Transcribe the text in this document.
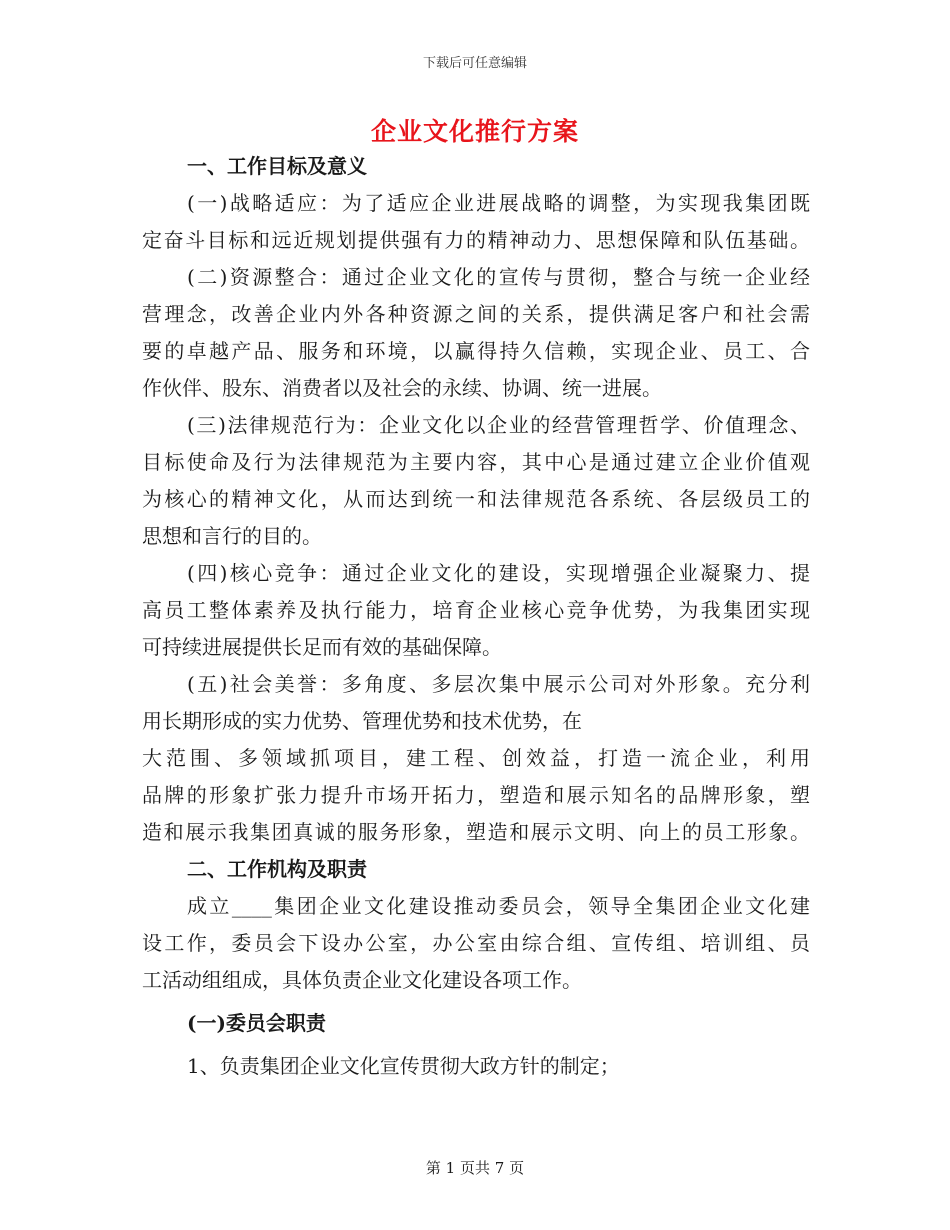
下载后可任意编辑
企业文化推行方案
一、工作目标及意义
(一)战略适应：为了适应企业进展战略的调整，为实现我集团既
定奋斗目标和远近规划提供强有力的精神动力、思想保障和队伍基础。
(二)资源整合：通过企业文化的宣传与贯彻，整合与统一企业经
营理念，改善企业内外各种资源之间的关系，提供满足客户和社会需
要的卓越产品、服务和环境，以赢得持久信赖，实现企业、员工、合
作伙伴、股东、消费者以及社会的永续、协调、统一进展。
(三)法律规范行为：企业文化以企业的经营管理哲学、价值理念、
目标使命及行为法律规范为主要内容，其中心是通过建立企业价值观
为核心的精神文化，从而达到统一和法律规范各系统、各层级员工的
思想和言行的目的。
(四)核心竞争：通过企业文化的建设，实现增强企业凝聚力、提
高员工整体素养及执行能力，培育企业核心竞争优势，为我集团实现
可持续进展提供长足而有效的基础保障。
(五)社会美誉：多角度、多层次集中展示公司对外形象。充分利
用长期形成的实力优势、管理优势和技术优势，在
大范围、多领域抓项目，建工程、创效益，打造一流企业，利用
品牌的形象扩张力提升市场开拓力，塑造和展示知名的品牌形象，塑
造和展示我集团真诚的服务形象，塑造和展示文明、向上的员工形象。
二、工作机构及职责
成立____集团企业文化建设推动委员会，领导全集团企业文化建
设工作，委员会下设办公室，办公室由综合组、宣传组、培训组、员
工活动组组成，具体负责企业文化建设各项工作。
(一)委员会职责
1、负责集团企业文化宣传贯彻大政方针的制定；
第 1 页共 7 页
